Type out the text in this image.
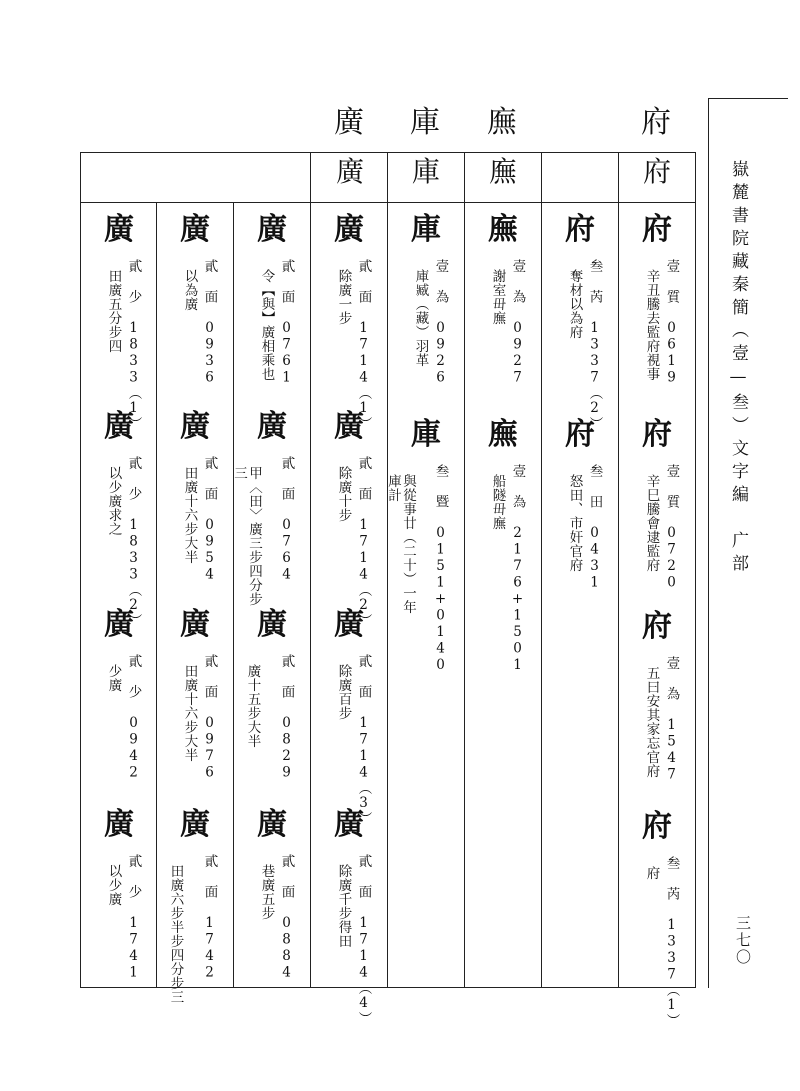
嶽麓書院藏秦簡（壹—叁）文字編　广部
三七〇
府
廡
庫
廣
府
廡
庫
廣
府
壹 質 0619
辛丑騰去監府視事
府
壹 質 0720
辛巳騰會逮監府
府
壹 為 1547
五曰安其家忘官府
府
叁 芮 1337（1）
府
府
叁 芮 1337（2）
奪材以為府
府
叁 田 0431
怒田、市奸官府
廡
壹 為 0927
謝室毌廡
廡
壹 為 2176+1501
船隧毌廡
庫
壹 為 0926
庫臧（藏）羽革
庫
叁 暨 0151+0140
與從事廿（二十）一年
庫計
廣
貳 面 1714（1）
除廣一步
廣
貳 面 1714（2）
除廣十步
廣
貳 面 1714（3）
除廣百步
廣
貳 面 1714（4）
除廣千步得田
廣
貳 面 0761
令【與】廣相乘也
廣
貳 面 0764
甲〈田〉廣三步四分步
三
廣
貳 面 0829
廣十五步大半
廣
貳 面 0884
巷廣五步
廣
貳 面 0936
以為廣
廣
貳 面 0954
田廣十六步大半
廣
貳 面 0976
田廣十六步大半
廣
貳 面 1742
田廣六步半步四分步三
廣
貳 少 1833（1）
田廣五分步四
廣
貳 少 1833（2）
以少廣求之
廣
貳 少 0942
少廣
廣
貳 少 1741
以少廣
